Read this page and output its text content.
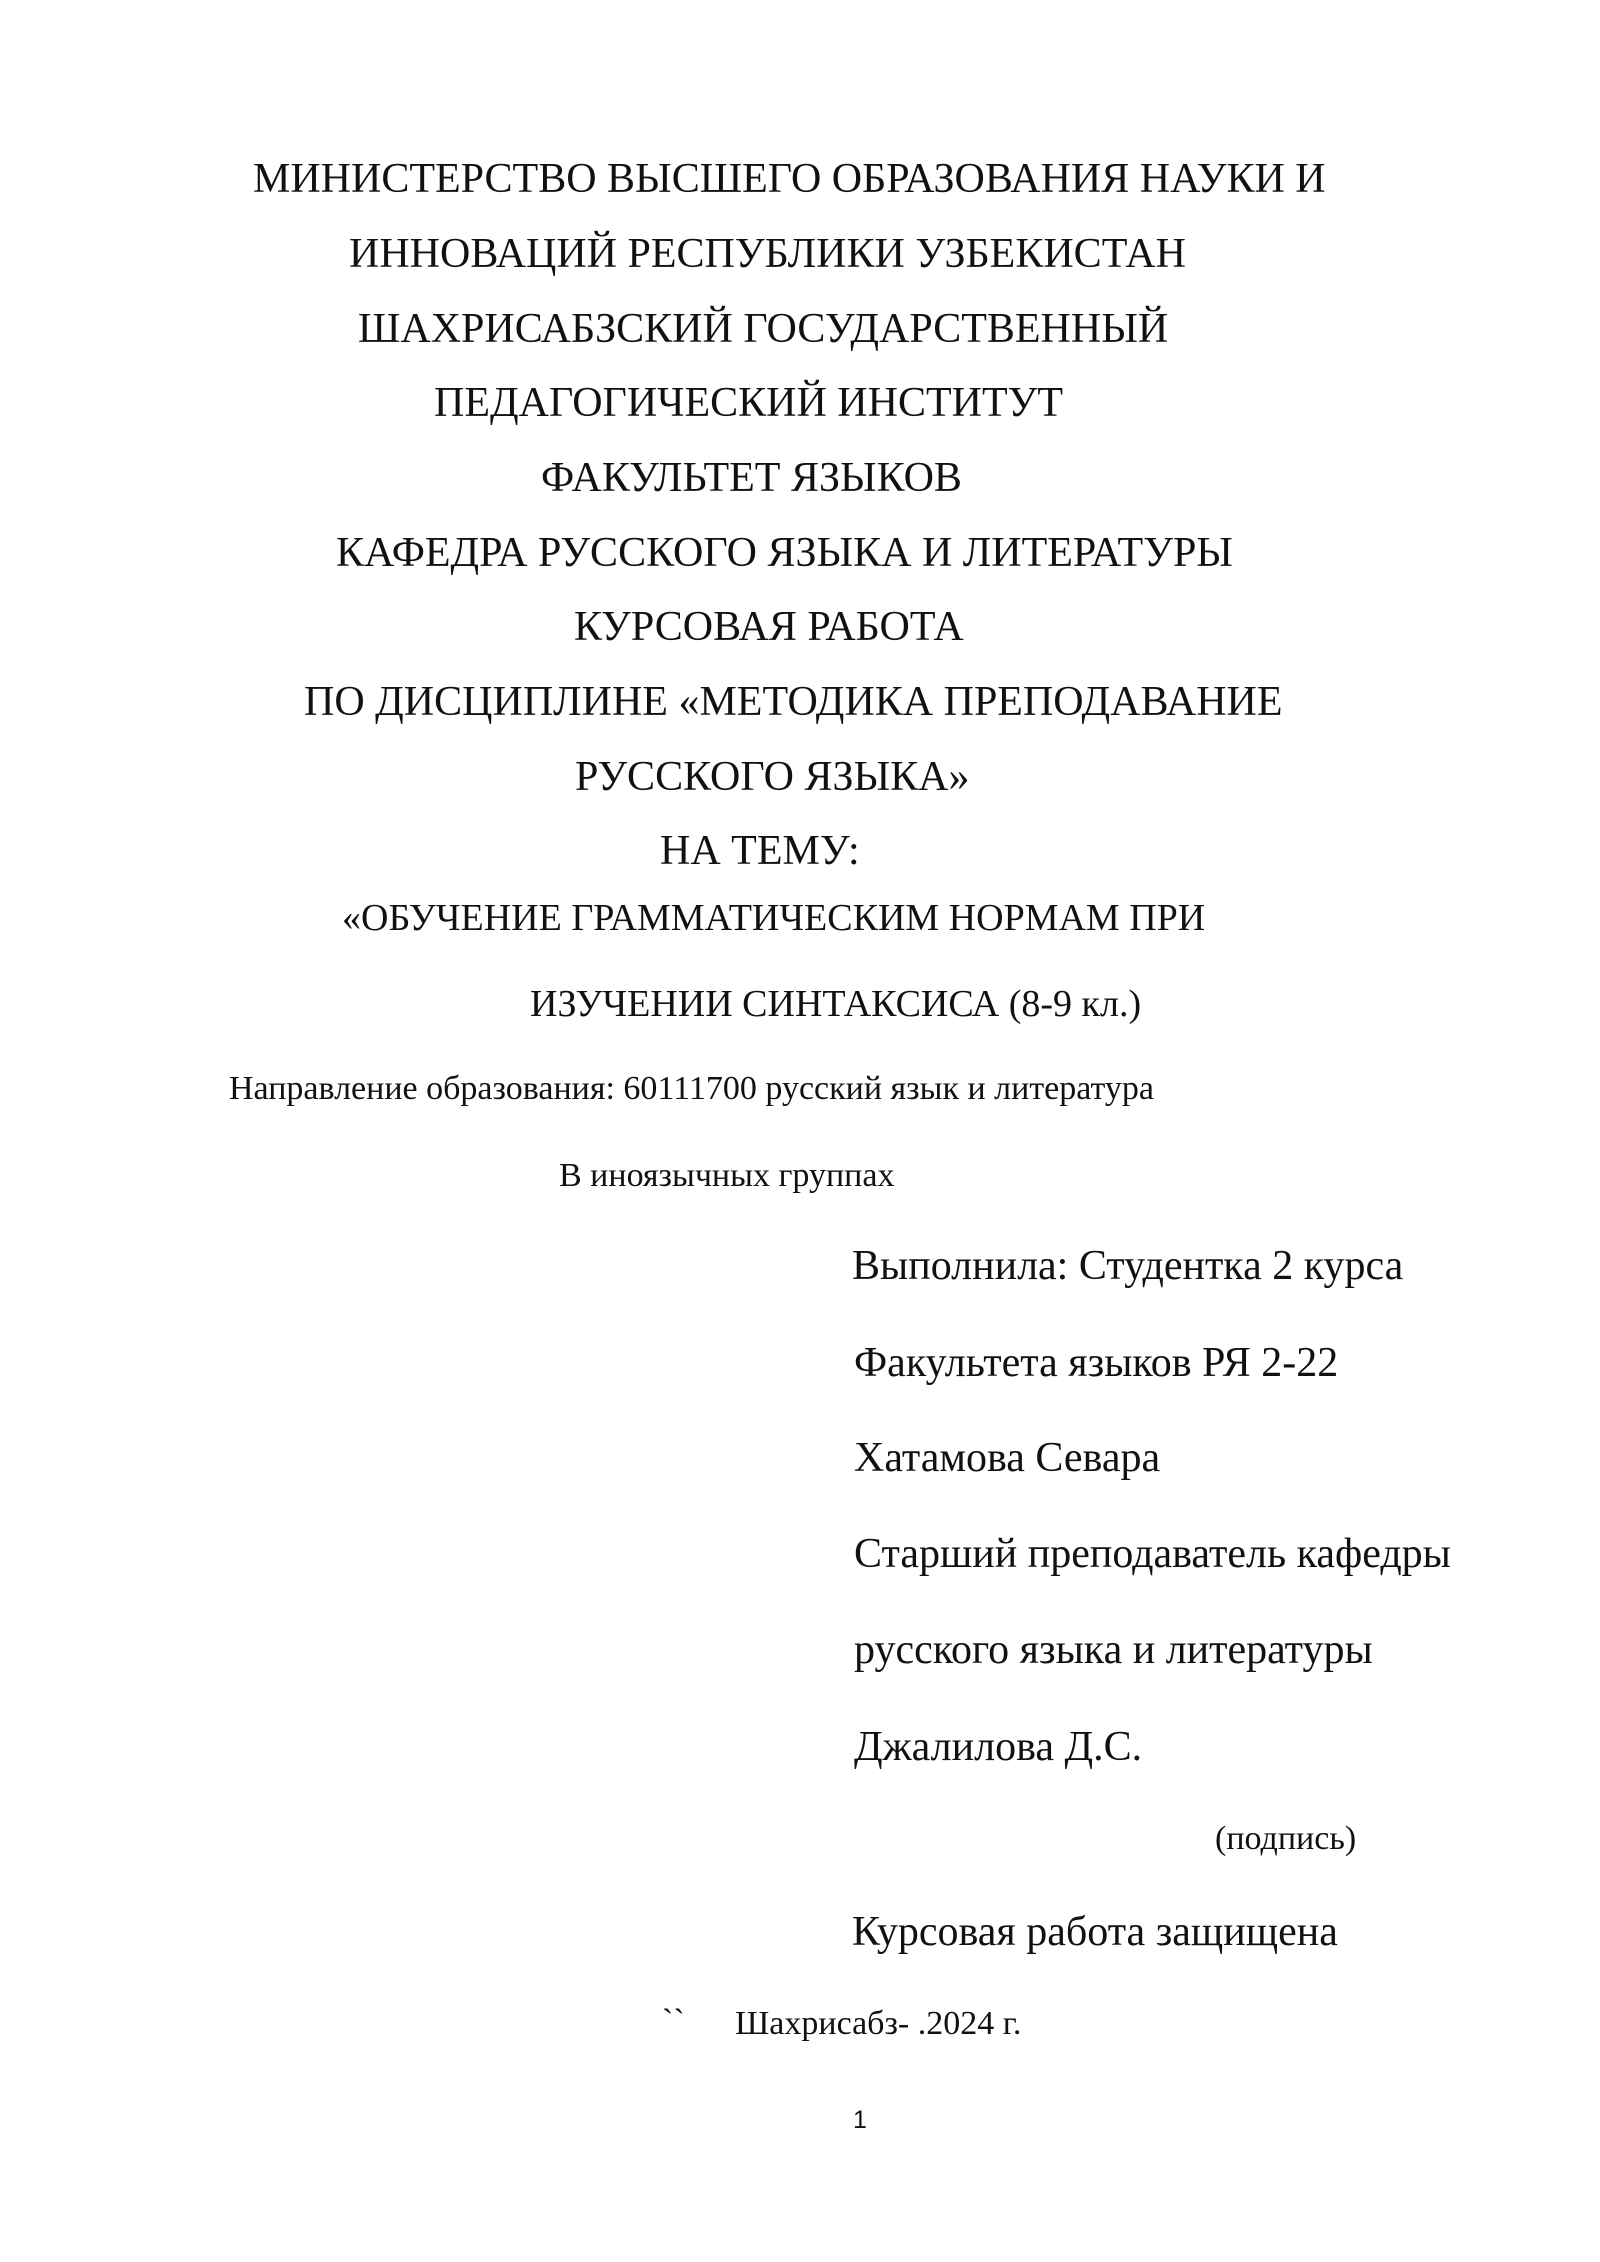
МИНИСТЕРСТВО ВЫСШЕГО ОБРАЗОВАНИЯ НАУКИ И
ИННОВАЦИЙ РЕСПУБЛИКИ УЗБЕКИСТАН
ШАХРИСАБЗСКИЙ ГОСУДАРСТВЕННЫЙ
ПЕДАГОГИЧЕСКИЙ ИНСТИТУТ
ФАКУЛЬТЕТ ЯЗЫКОВ
КАФЕДРА РУССКОГО ЯЗЫКА И ЛИТЕРАТУРЫ
КУРСОВАЯ РАБОТА
ПО ДИСЦИПЛИНЕ «МЕТОДИКА ПРЕПОДАВАНИЕ
РУССКОГО ЯЗЫКА»
НА ТЕМУ:
«ОБУЧЕНИЕ ГРАММАТИЧЕСКИМ НОРМАМ ПРИ
ИЗУЧЕНИИ СИНТАКСИСА (8-9 кл.)
Направление образования: 60111700 русский язык и литература
В иноязычных группах
Выполнила: Студентка 2 курса
Факультета языков РЯ 2-22
Хатамова Севара
Старший преподаватель кафедры
русского языка и литературы
Джалилова Д.С.
(подпись)
Курсовая работа защищена
`` Шахрисабз- .2024 г.
1
